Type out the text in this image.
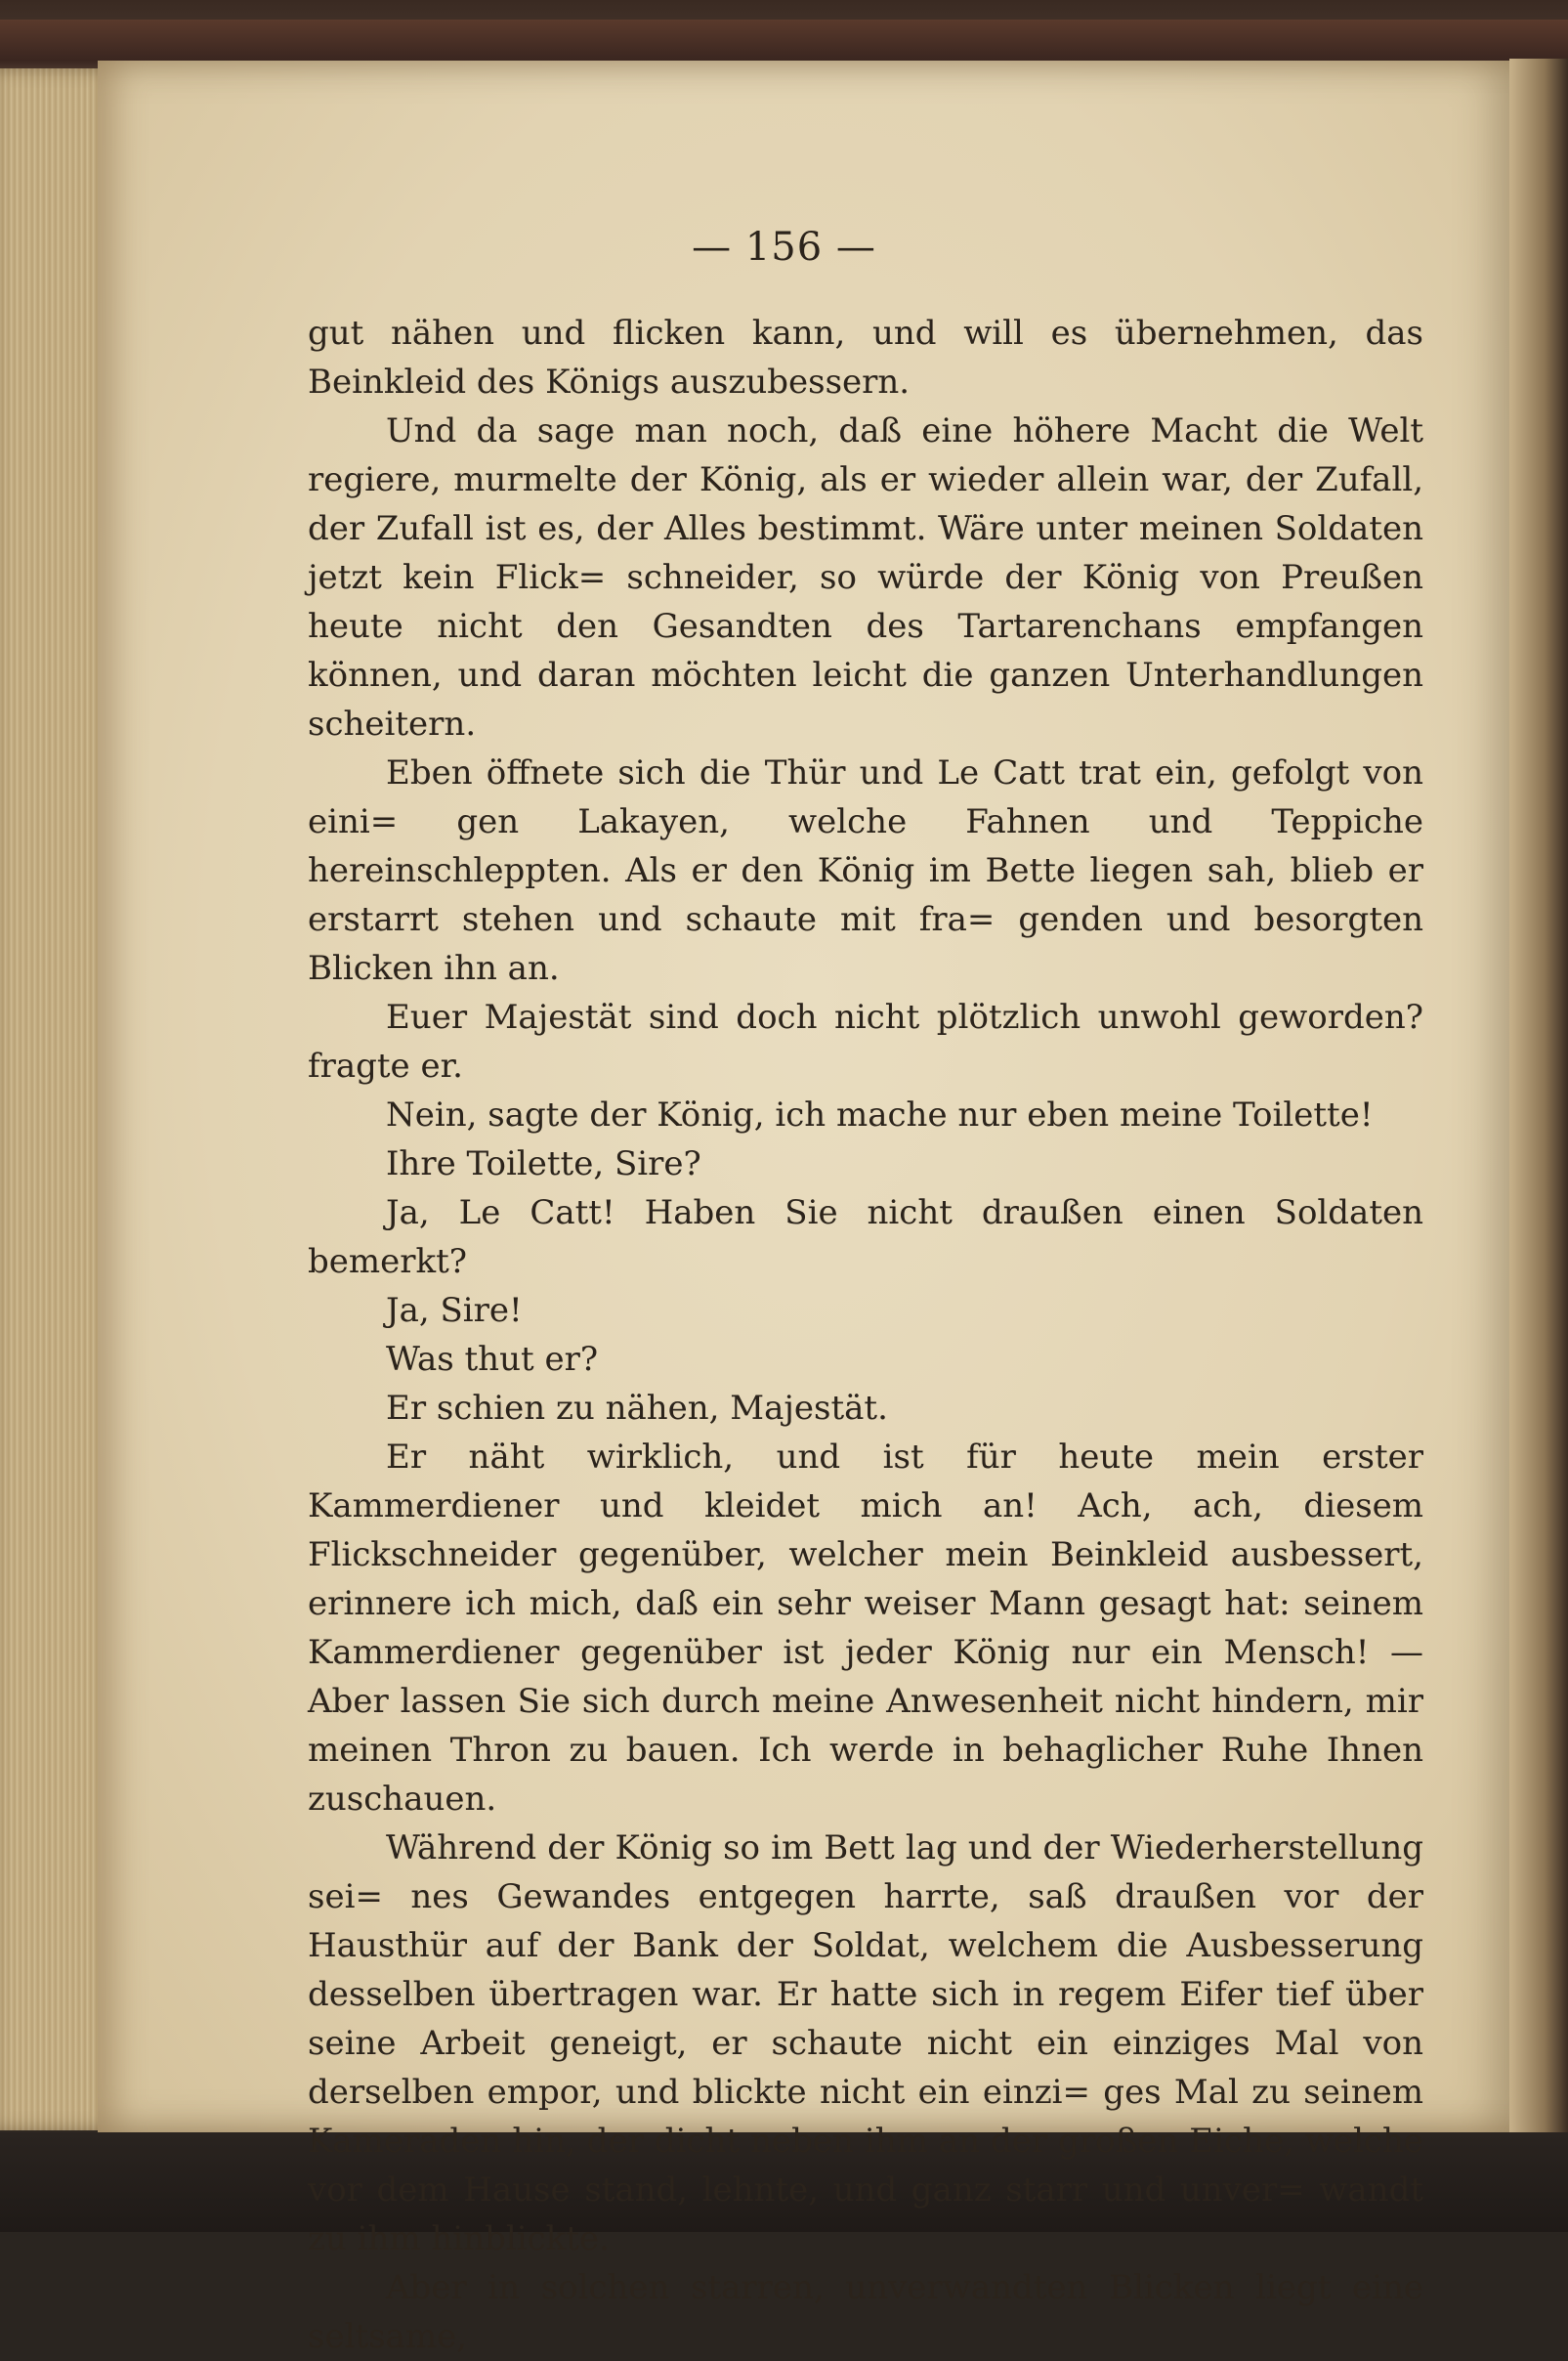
— 156 —

gut nähen und flicken kann, und will es übernehmen, das Beinkleid des Königs auszubessern.

Und da sage man noch, daß eine höhere Macht die Welt regiere, murmelte der König, als er wieder allein war, der Zufall, der Zufall ist es, der Alles bestimmt. Wäre unter meinen Soldaten jetzt kein Flick= schneider, so würde der König von Preußen heute nicht den Gesandten des Tartarenchans empfangen können, und daran möchten leicht die ganzen Unterhandlungen scheitern.

Eben öffnete sich die Thür und Le Catt trat ein, gefolgt von eini= gen Lakayen, welche Fahnen und Teppiche hereinschleppten. Als er den König im Bette liegen sah, blieb er erstarrt stehen und schaute mit fra= genden und besorgten Blicken ihn an.

Euer Majestät sind doch nicht plötzlich unwohl geworden? fragte er.

Nein, sagte der König, ich mache nur eben meine Toilette!

Ihre Toilette, Sire?

Ja, Le Catt! Haben Sie nicht draußen einen Soldaten bemerkt?

Ja, Sire!

Was thut er?

Er schien zu nähen, Majestät.

Er näht wirklich, und ist für heute mein erster Kammerdiener und kleidet mich an! Ach, ach, diesem Flickschneider gegenüber, welcher mein Beinkleid ausbessert, erinnere ich mich, daß ein sehr weiser Mann gesagt hat: seinem Kammerdiener gegenüber ist jeder König nur ein Mensch! — Aber lassen Sie sich durch meine Anwesenheit nicht hindern, mir meinen Thron zu bauen. Ich werde in behaglicher Ruhe Ihnen zuschauen.

Während der König so im Bett lag und der Wiederherstellung sei= nes Gewandes entgegen harrte, saß draußen vor der Hausthür auf der Bank der Soldat, welchem die Ausbesserung desselben übertragen war. Er hatte sich in regem Eifer tief über seine Arbeit geneigt, er schaute nicht ein einziges Mal von derselben empor, und blickte nicht ein einzi= ges Mal zu seinem Kameraden hin, der dicht neben ihm an der großen Eiche, welche vor dem Hause stand, lehnte, und ganz starr und unver= wandt zu ihm hinblickte.

Aber in solchen starren, unverwandten Blicken liegt eine seltsame,
